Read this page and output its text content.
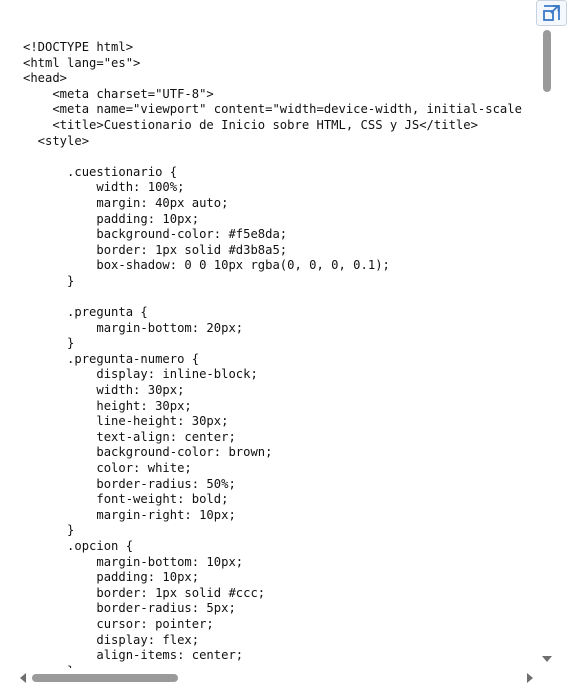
<!DOCTYPE html>
<html lang="es">
<head>
<meta charset="UTF-8">
<meta name="viewport" content="width=device-width, initial-scale
<title>Cuestionario de Inicio sobre HTML, CSS y JS</title>
<style>
.cuestionario {
width: 100%;
margin: 40px auto;
padding: 10px;
background-color: #f5e8da;
border: 1px solid #d3b8a5;
box-shadow: 0 0 10px rgba(0, 0, 0, 0.1);
}
.pregunta {
margin-bottom: 20px;
}
.pregunta-numero {
display: inline-block;
width: 30px;
height: 30px;
line-height: 30px;
text-align: center;
background-color: brown;
color: white;
border-radius: 50%;
font-weight: bold;
margin-right: 10px;
}
.opcion {
margin-bottom: 10px;
padding: 10px;
border: 1px solid #ccc;
border-radius: 5px;
cursor: pointer;
display: flex;
align-items: center;
